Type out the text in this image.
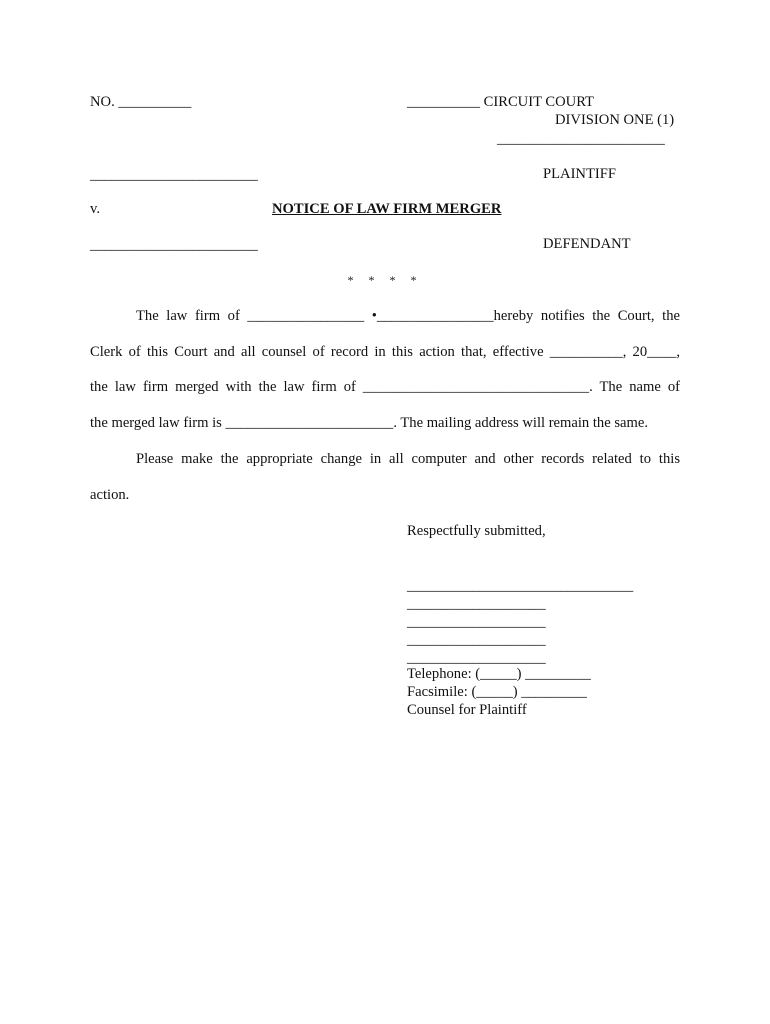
NO. __________	__________ CIRCUIT COURT
DIVISION ONE (1)
_______________________
_______________________	PLAINTIFF
v.	NOTICE OF LAW FIRM MERGER
_______________________	DEFENDANT
* * * *
The law firm of ________________ •________________hereby notifies the Court, the
Clerk of this Court and all counsel of record in this action that, effective __________, 20____,
the law firm merged with the law firm of _______________________________. The name of
the merged law firm is _______________________. The mailing address will remain the same.
Please make the appropriate change in all computer and other records related to this
action.
Respectfully submitted,
_______________________________
___________________
___________________
___________________
___________________
Telephone: (_____) _________
Facsimile: (_____) _________
Counsel for Plaintiff
